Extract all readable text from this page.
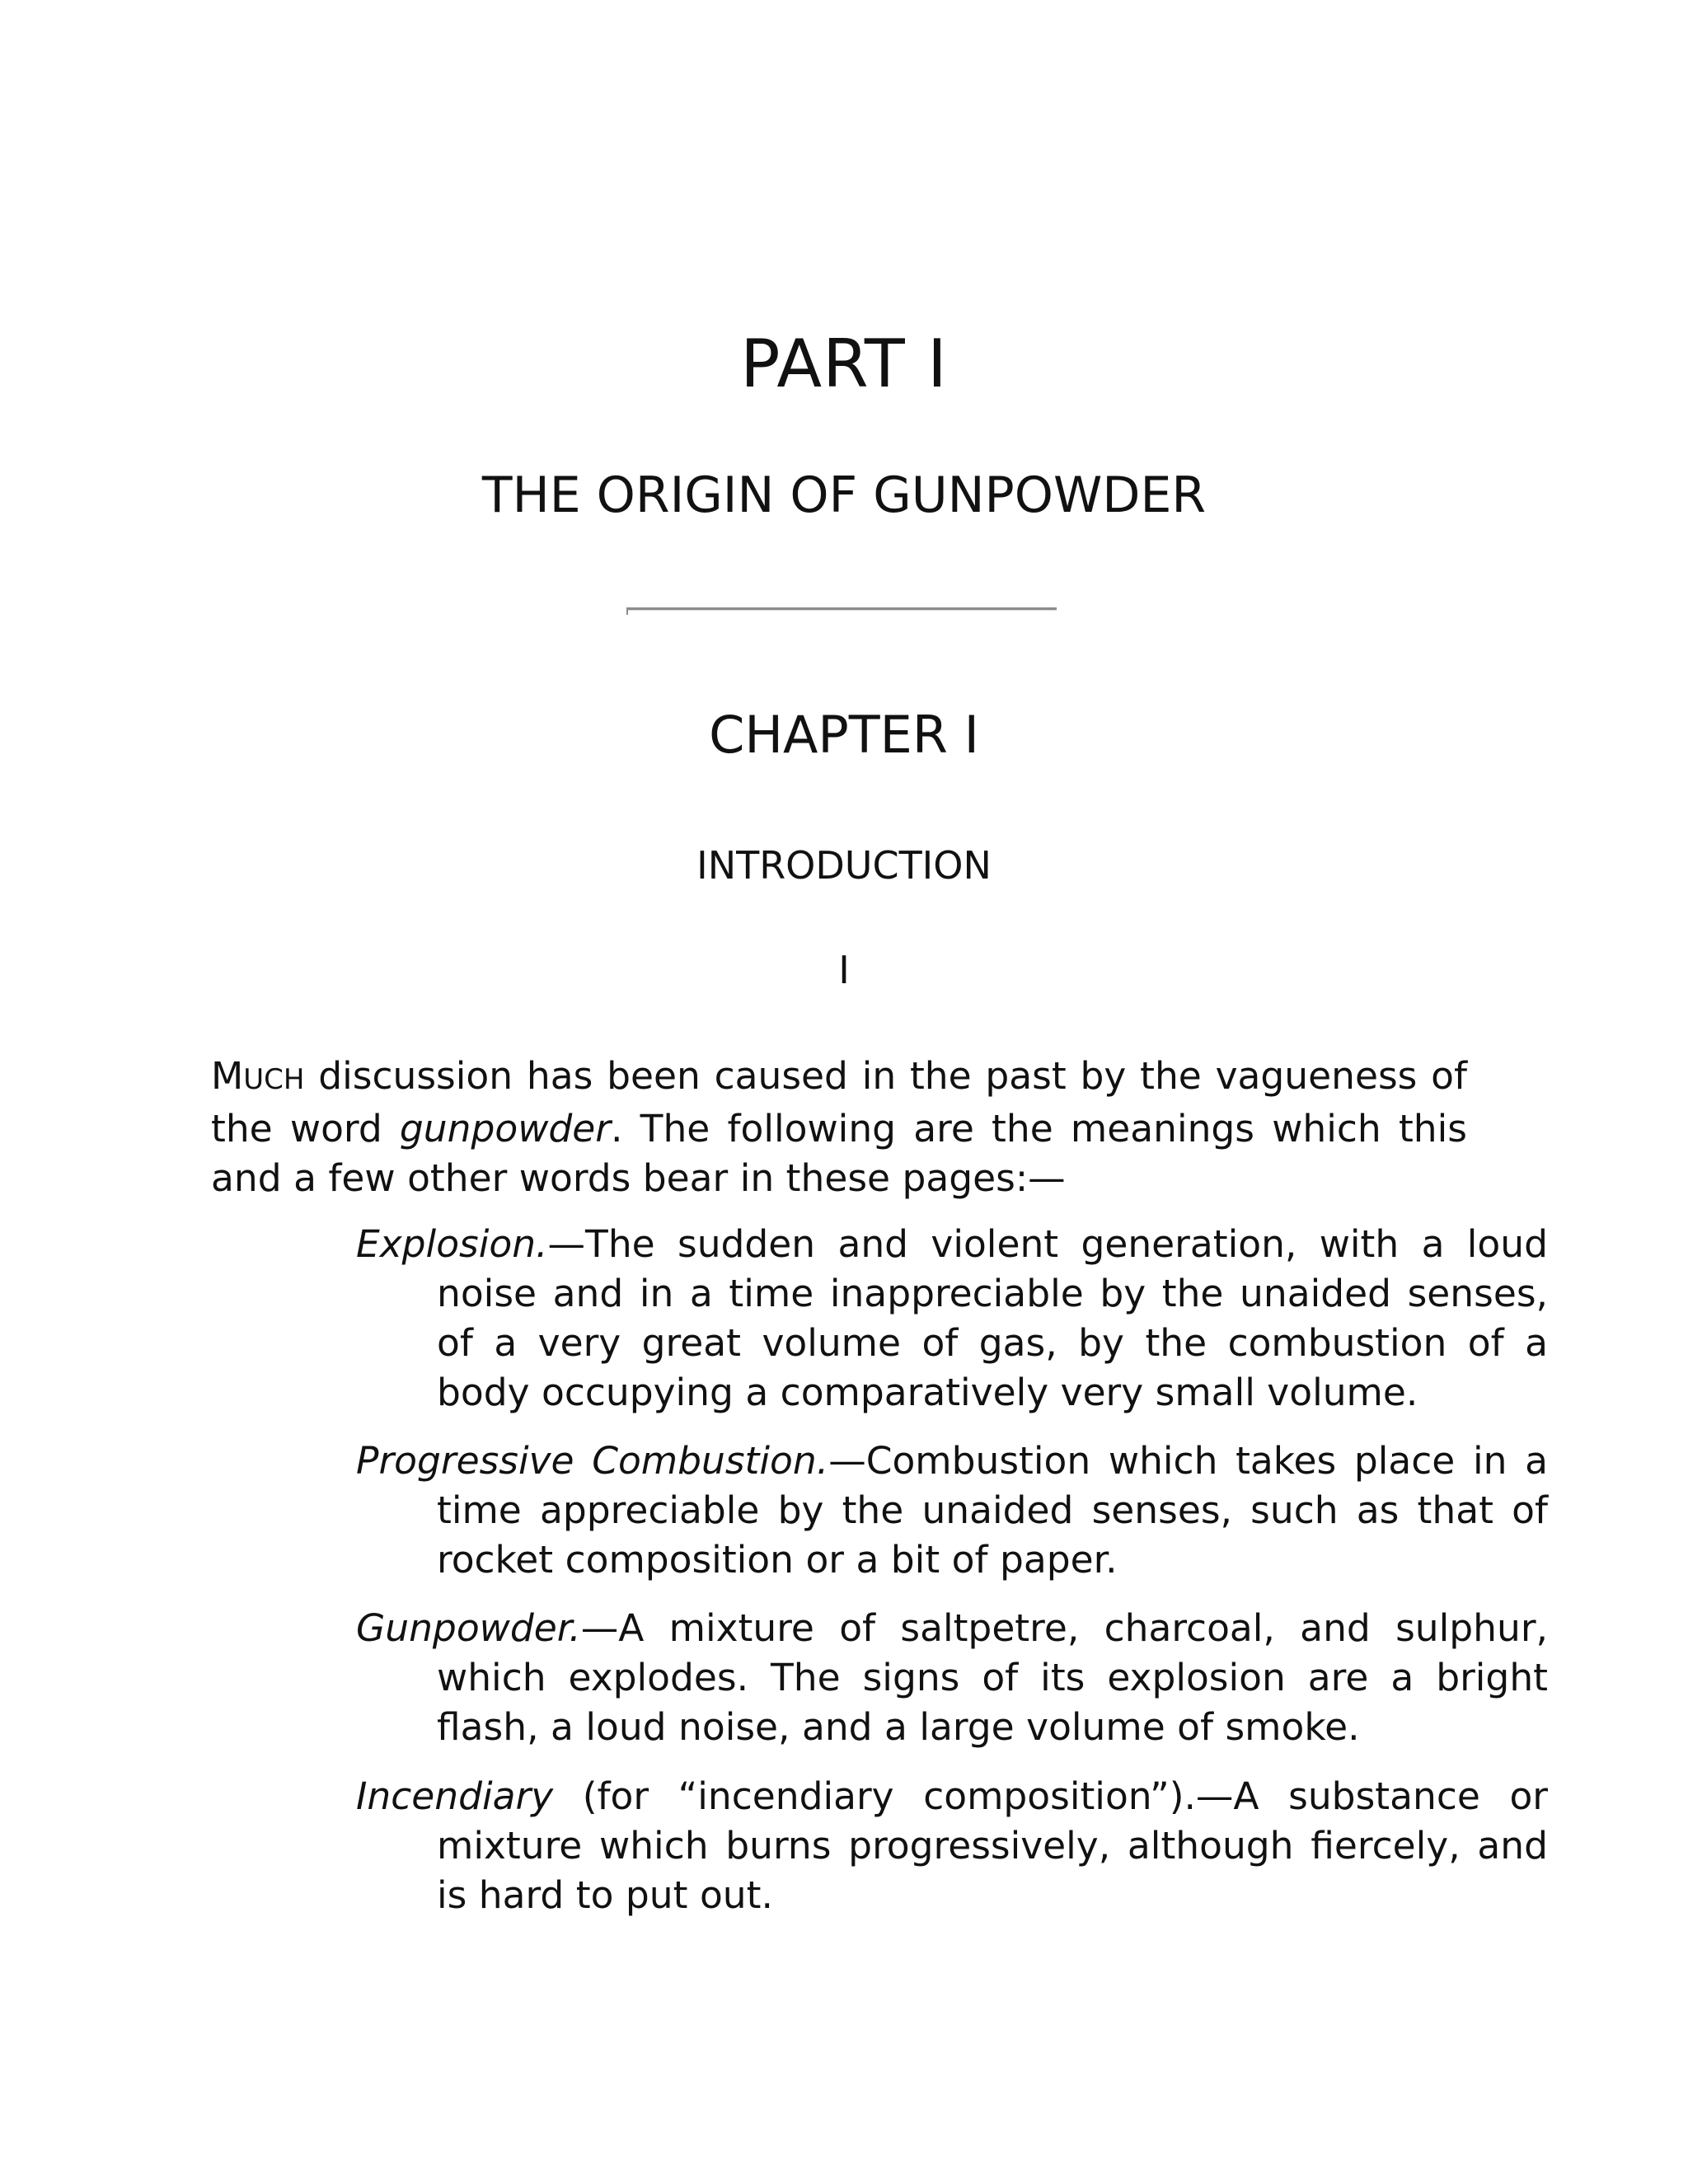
PART I
THE ORIGIN OF GUNPOWDER
CHAPTER I
INTRODUCTION
I

MUCH discussion has been caused in the past by the vagueness of the word gunpowder. The following are the meanings which this and a few other words bear in these pages:—

Explosion.—The sudden and violent generation, with a loud noise and in a time inappreciable by the unaided senses, of a very great volume of gas, by the combustion of a body occupying a comparatively very small volume.

Progressive Combustion.—Combustion which takes place in a time appreciable by the unaided senses, such as that of rocket composition or a bit of paper.

Gunpowder.—A mixture of saltpetre, charcoal, and sulphur, which explodes. The signs of its explosion are a bright flash, a loud noise, and a large volume of smoke.

Incendiary (for “incendiary composition”).—A substance or mixture which burns progressively, although fiercely, and is hard to put out.
